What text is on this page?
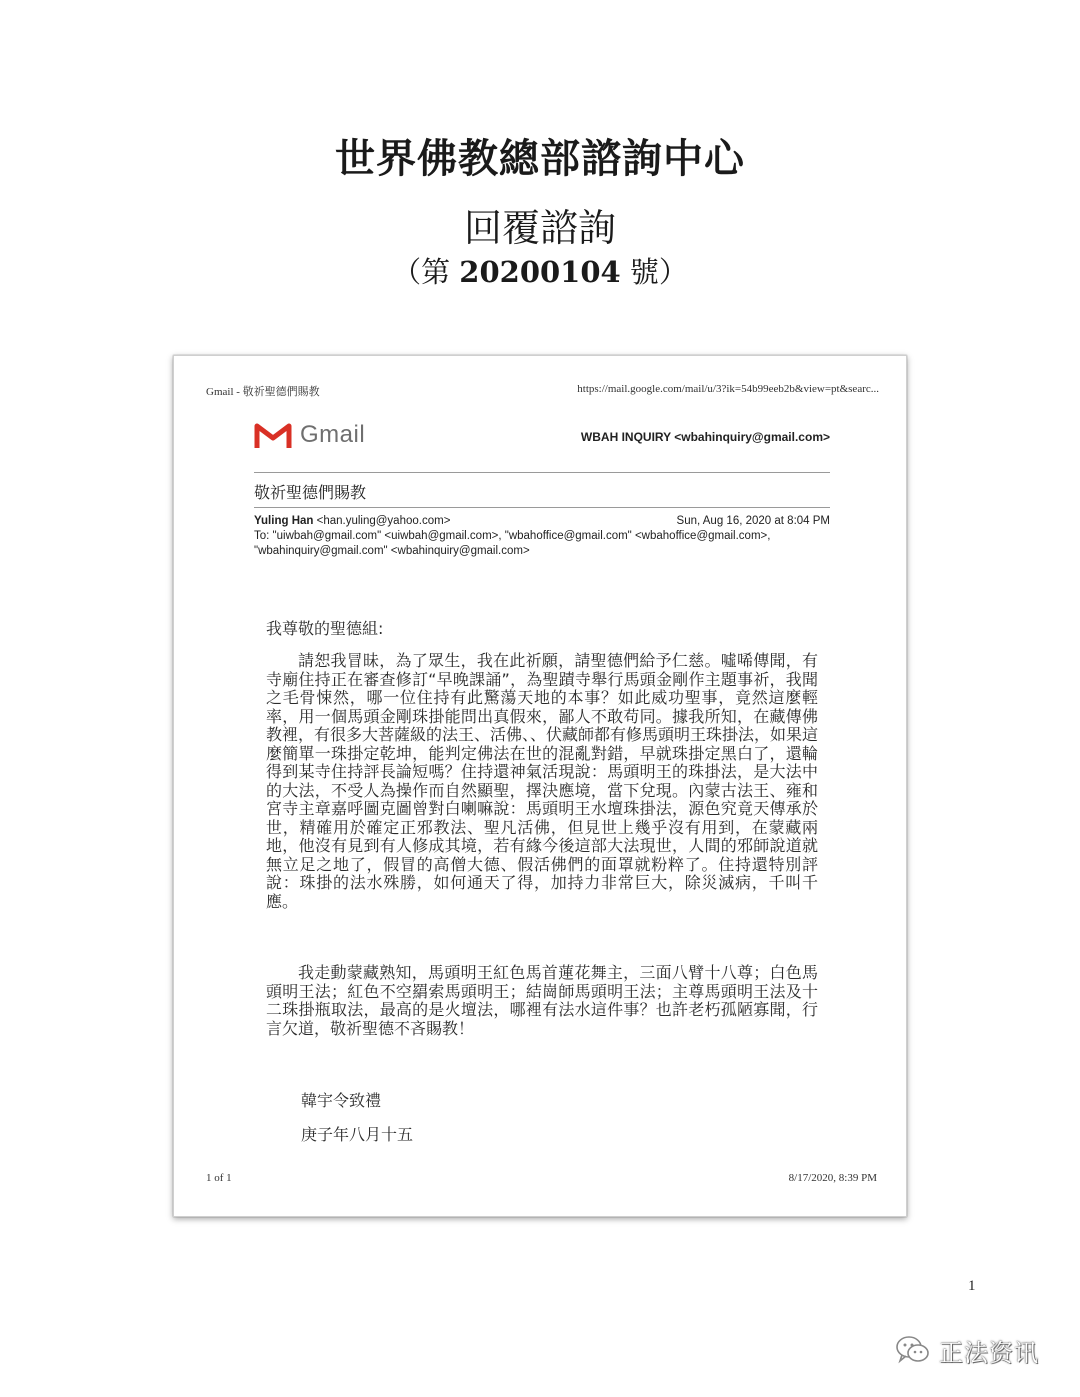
世界佛教總部諮詢中心
回覆諮詢
（第 20200104 號）
Gmail - 敬祈聖德們賜教	https://mail.google.com/mail/u/3?ik=54b99eeb2b&view=pt&searc...
Gmail	WBAH INQUIRY <wbahinquiry@gmail.com>
敬祈聖德們賜教
Yuling Han <han.yuling@yahoo.com>	Sun, Aug 16, 2020 at 8:04 PM
To: "uiwbah@gmail.com" <uiwbah@gmail.com>, "wbahoffice@gmail.com" <wbahoffice@gmail.com>,
"wbahinquiry@gmail.com" <wbahinquiry@gmail.com>
我尊敬的聖德組:

請恕我冒昧，為了眾生，我在此祈願，請聖德們給予仁慈。噓唏傳聞，有寺廟住持正在審查修訂“早晚課誦”，為聖蹟寺舉行馬頭金剛作主題事祈，我聞之毛骨悚然，哪一位住持有此驚蕩天地的本事？如此威功聖事，竟然這麼輕率，用一個馬頭金剛珠掛能問出真假來，鄙人不敢苟同。據我所知，在藏傳佛教裡，有很多大菩薩級的法王、活佛、、伏藏師都有修馬頭明王珠掛法，如果這麼簡單一珠掛定乾坤，能判定佛法在世的混亂對錯，早就珠掛定黑白了，還輪得到某寺住持評長論短嗎？住持還神氣活現說：馬頭明王的珠掛法，是大法中的大法，不受人為操作而自然顯聖，擇決應境，當下兌現。內蒙古法王、雍和宮寺主章嘉呼圖克圖曾對白喇嘛說：馬頭明王水壇珠掛法，源色究竟天傳承於世，精確用於確定正邪教法、聖凡活佛，但見世上幾乎沒有用到，在蒙藏兩地，他沒有見到有人修成其境，若有緣今後這部大法現世，人間的邪師說道就無立足之地了，假冒的高僧大德、假活佛們的面罩就粉粹了。住持還特別評說：珠掛的法水殊勝，如何通天了得，加持力非常巨大，除災滅病，千叫千應。

我走動蒙藏熟知，馬頭明王紅色馬首蓮花舞主，三面八臂十八尊；白色馬頭明王法；紅色不空羂索馬頭明王；結崗師馬頭明王法；主尊馬頭明王法及十二珠掛瓶取法，最高的是火壇法，哪裡有法水這件事？也許老朽孤陋寡聞，行言欠道，敬祈聖德不吝賜教！

韓宇令致禮
庚子年八月十五
1 of 1	8/17/2020, 8:39 PM
1
正法资讯
